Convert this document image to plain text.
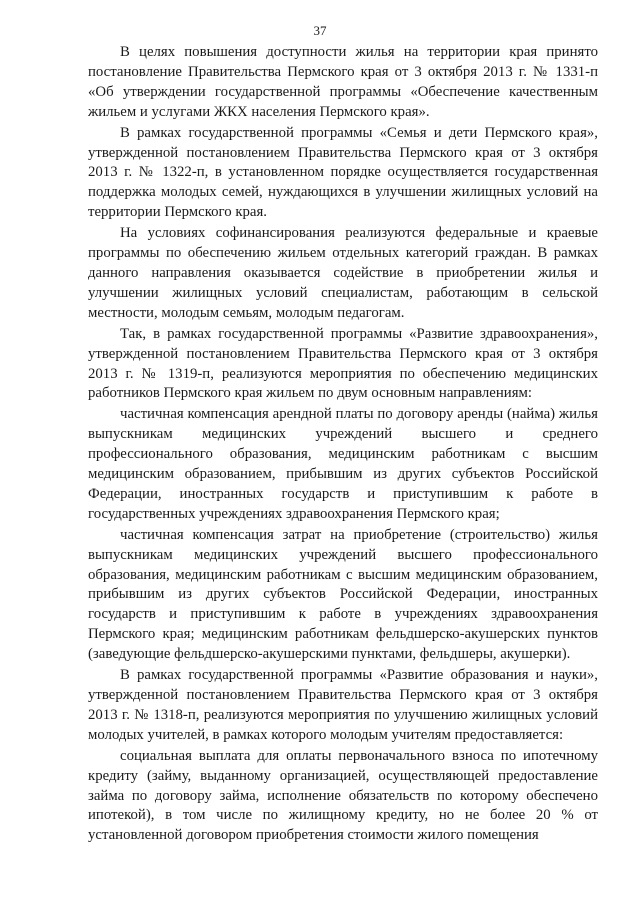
37

В целях повышения доступности жилья на территории края принято постановление Правительства Пермского края от 3 октября 2013 г. № 1331-п «Об утверждении государственной программы «Обеспечение качественным жильем и услугами ЖКХ населения Пермского края».

В рамках государственной программы «Семья и дети Пермского края», утвержденной постановлением Правительства Пермского края от 3 октября 2013 г. № 1322-п, в установленном порядке осуществляется государственная поддержка молодых семей, нуждающихся в улучшении жилищных условий на территории Пермского края.

На условиях софинансирования реализуются федеральные и краевые программы по обеспечению жильем отдельных категорий граждан. В рамках данного направления оказывается содействие в приобретении жилья и улучшении жилищных условий специалистам, работающим в сельской местности, молодым семьям, молодым педагогам.

Так, в рамках государственной программы «Развитие здравоохранения», утвержденной постановлением Правительства Пермского края от 3 октября 2013 г. № 1319-п, реализуются мероприятия по обеспечению медицинских работников Пермского края жильем по двум основным направлениям:

частичная компенсация арендной платы по договору аренды (найма) жилья выпускникам медицинских учреждений высшего и среднего профессионального образования, медицинским работникам с высшим медицинским образованием, прибывшим из других субъектов Российской Федерации, иностранных государств и приступившим к работе в государственных учреждениях здравоохранения Пермского края;

частичная компенсация затрат на приобретение (строительство) жилья выпускникам медицинских учреждений высшего профессионального образования, медицинским работникам с высшим медицинским образованием, прибывшим из других субъектов Российской Федерации, иностранных государств и приступившим к работе в учреждениях здравоохранения Пермского края; медицинским работникам фельдшерско-акушерских пунктов (заведующие фельдшерско-акушерскими пунктами, фельдшеры, акушерки).

В рамках государственной программы «Развитие образования и науки», утвержденной постановлением Правительства Пермского края от 3 октября 2013 г. № 1318-п, реализуются мероприятия по улучшению жилищных условий молодых учителей, в рамках которого молодым учителям предоставляется:

социальная выплата для оплаты первоначального взноса по ипотечному кредиту (займу, выданному организацией, осуществляющей предоставление займа по договору займа, исполнение обязательств по которому обеспечено ипотекой), в том числе по жилищному кредиту, но не более 20 % от установленной договором приобретения стоимости жилого помещения
